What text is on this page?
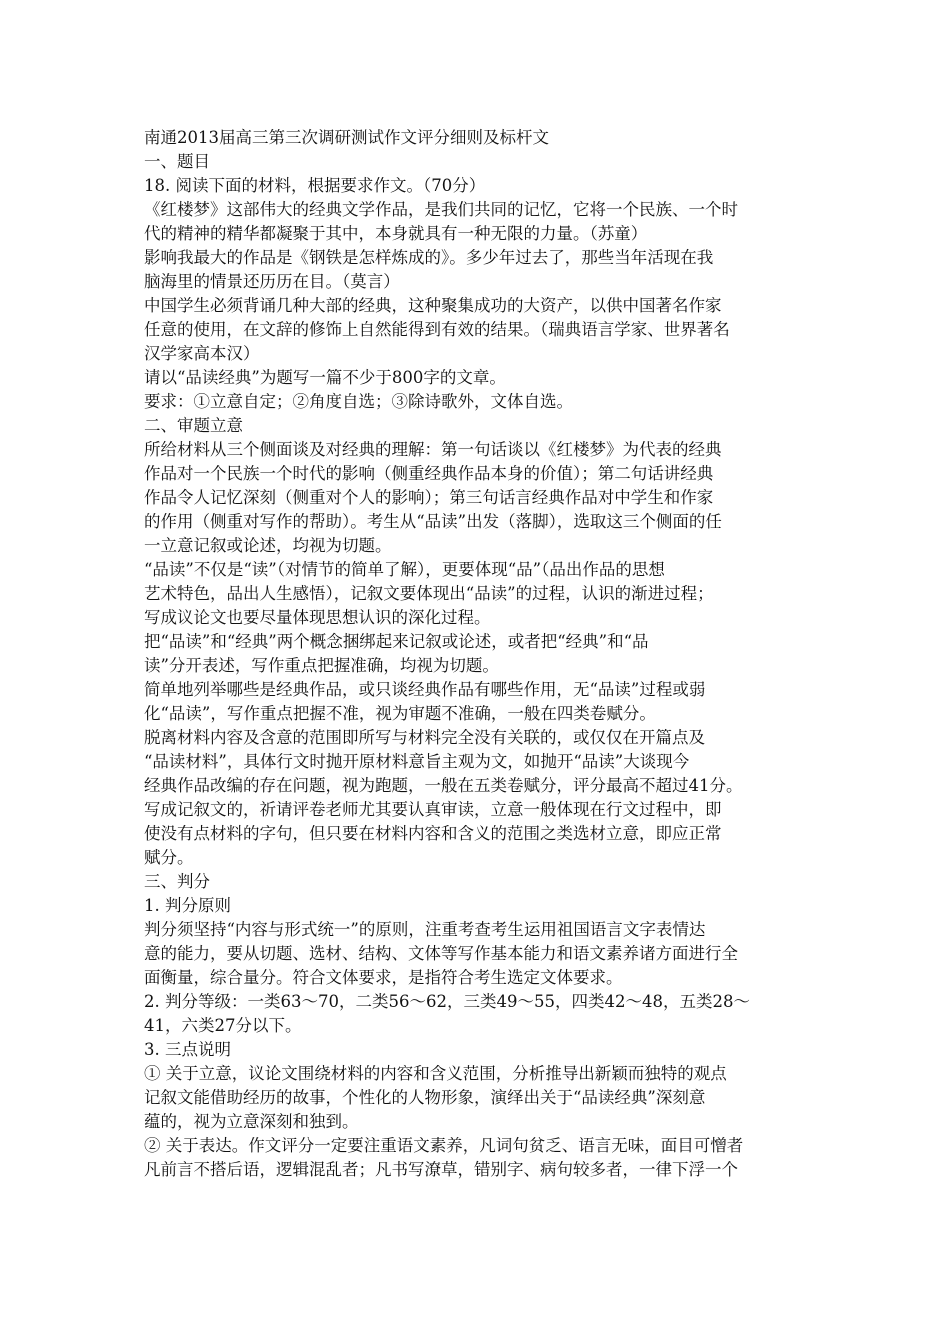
南通2013届高三第三次调研测试作文评分细则及标杆文
一、题目
18. 阅读下面的材料，根据要求作文。（70分）
《红楼梦》这部伟大的经典文学作品，是我们共同的记忆，它将一个民族、一个时
代的精神的精华都凝聚于其中，本身就具有一种无限的力量。（苏童）
影响我最大的作品是《钢铁是怎样炼成的》。多少年过去了，那些当年活现在我
脑海里的情景还历历在目。（莫言）
中国学生必须背诵几种大部的经典，这种聚集成功的大资产，以供中国著名作家
任意的使用，在文辞的修饰上自然能得到有效的结果。（瑞典语言学家、世界著名
汉学家高本汉）
请以“品读经典”为题写一篇不少于800字的文章。
要求：①立意自定；②角度自选；③除诗歌外，文体自选。
二、审题立意
所给材料从三个侧面谈及对经典的理解：第一句话谈以《红楼梦》为代表的经典
作品对一个民族一个时代的影响（侧重经典作品本身的价值）；第二句话讲经典
作品令人记忆深刻（侧重对个人的影响）；第三句话言经典作品对中学生和作家
的作用（侧重对写作的帮助）。考生从“品读”出发（落脚），选取这三个侧面的任
一立意记叙或论述，均视为切题。
“品读”不仅是“读”（对情节的简单了解），更要体现“品”（品出作品的思想
艺术特色，品出人生感悟），记叙文要体现出“品读”的过程，认识的渐进过程；
写成议论文也要尽量体现思想认识的深化过程。
把“品读”和“经典”两个概念捆绑起来记叙或论述，或者把“经典”和“品
读”分开表述，写作重点把握准确，均视为切题。
简单地列举哪些是经典作品，或只谈经典作品有哪些作用，无“品读”过程或弱
化“品读”，写作重点把握不准，视为审题不准确，一般在四类卷赋分。
脱离材料内容及含意的范围即所写与材料完全没有关联的，或仅仅在开篇点及
“品读材料”，具体行文时抛开原材料意旨主观为文，如抛开“品读”大谈现今
经典作品改编的存在问题，视为跑题，一般在五类卷赋分，评分最高不超过41分。
写成记叙文的，祈请评卷老师尤其要认真审读，立意一般体现在行文过程中，即
使没有点材料的字句，但只要在材料内容和含义的范围之类选材立意，即应正常
赋分。
三、判分
1. 判分原则
判分须坚持“内容与形式统一”的原则，注重考查考生运用祖国语言文字表情达
意的能力，要从切题、选材、结构、文体等写作基本能力和语文素养诸方面进行全
面衡量，综合量分。符合文体要求，是指符合考生选定文体要求。
2. 判分等级：一类63～70，二类56～62，三类49～55，四类42～48，五类28～
41，六类27分以下。
3. 三点说明
① 关于立意，议论文围绕材料的内容和含义范围，分析推导出新颖而独特的观点
记叙文能借助经历的故事，个性化的人物形象，演绎出关于“品读经典”深刻意
蕴的，视为立意深刻和独到。
② 关于表达。作文评分一定要注重语文素养，凡词句贫乏、语言无味，面目可憎者
凡前言不搭后语，逻辑混乱者；凡书写潦草，错别字、病句较多者，一律下浮一个
